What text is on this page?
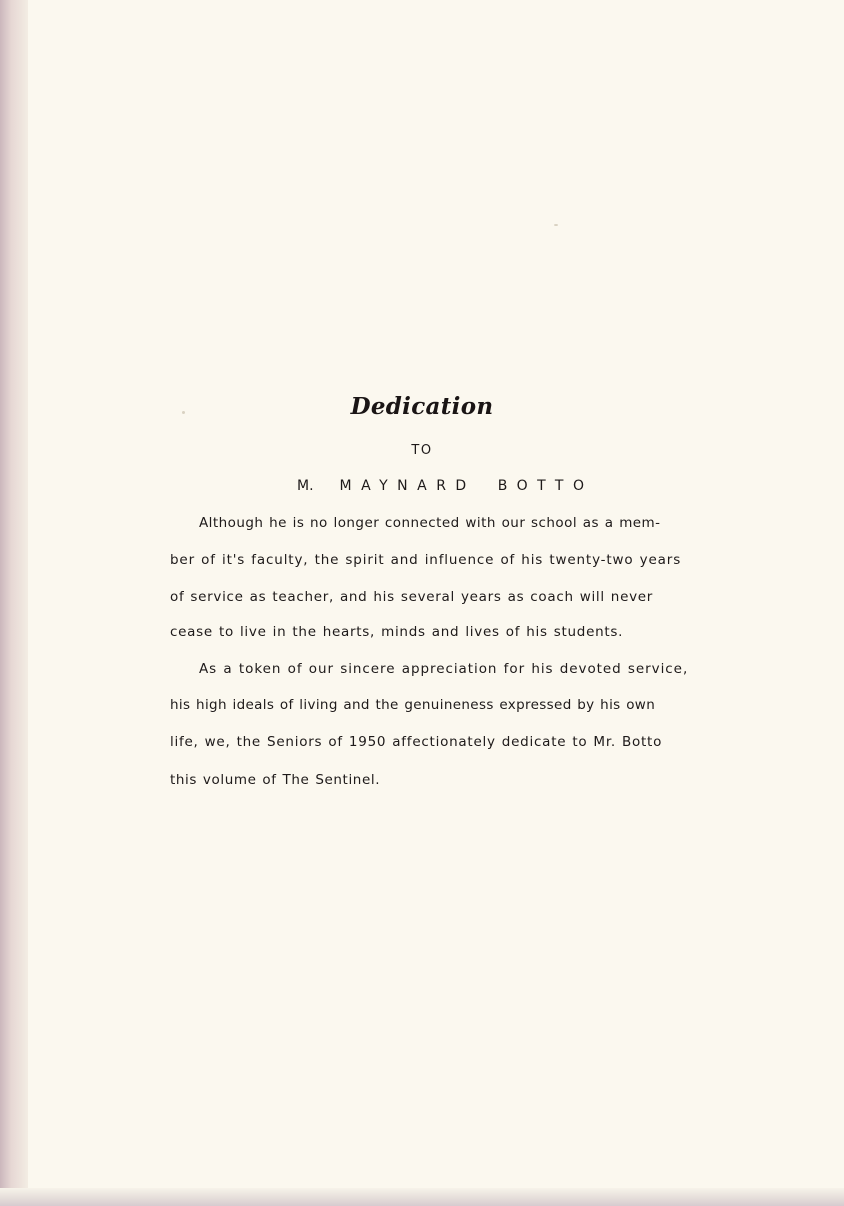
Dedication
TO
M. MAYNARD BOTTO
Although he is no longer connected with our school as a mem-
ber of it's faculty, the spirit and influence of his twenty-two years
of service as teacher, and his several years as coach will never
cease to live in the hearts, minds and lives of his students.
As a token of our sincere appreciation for his devoted service,
his high ideals of living and the genuineness expressed by his own
life, we, the Seniors of 1950 affectionately dedicate to Mr. Botto
this volume of The Sentinel.
